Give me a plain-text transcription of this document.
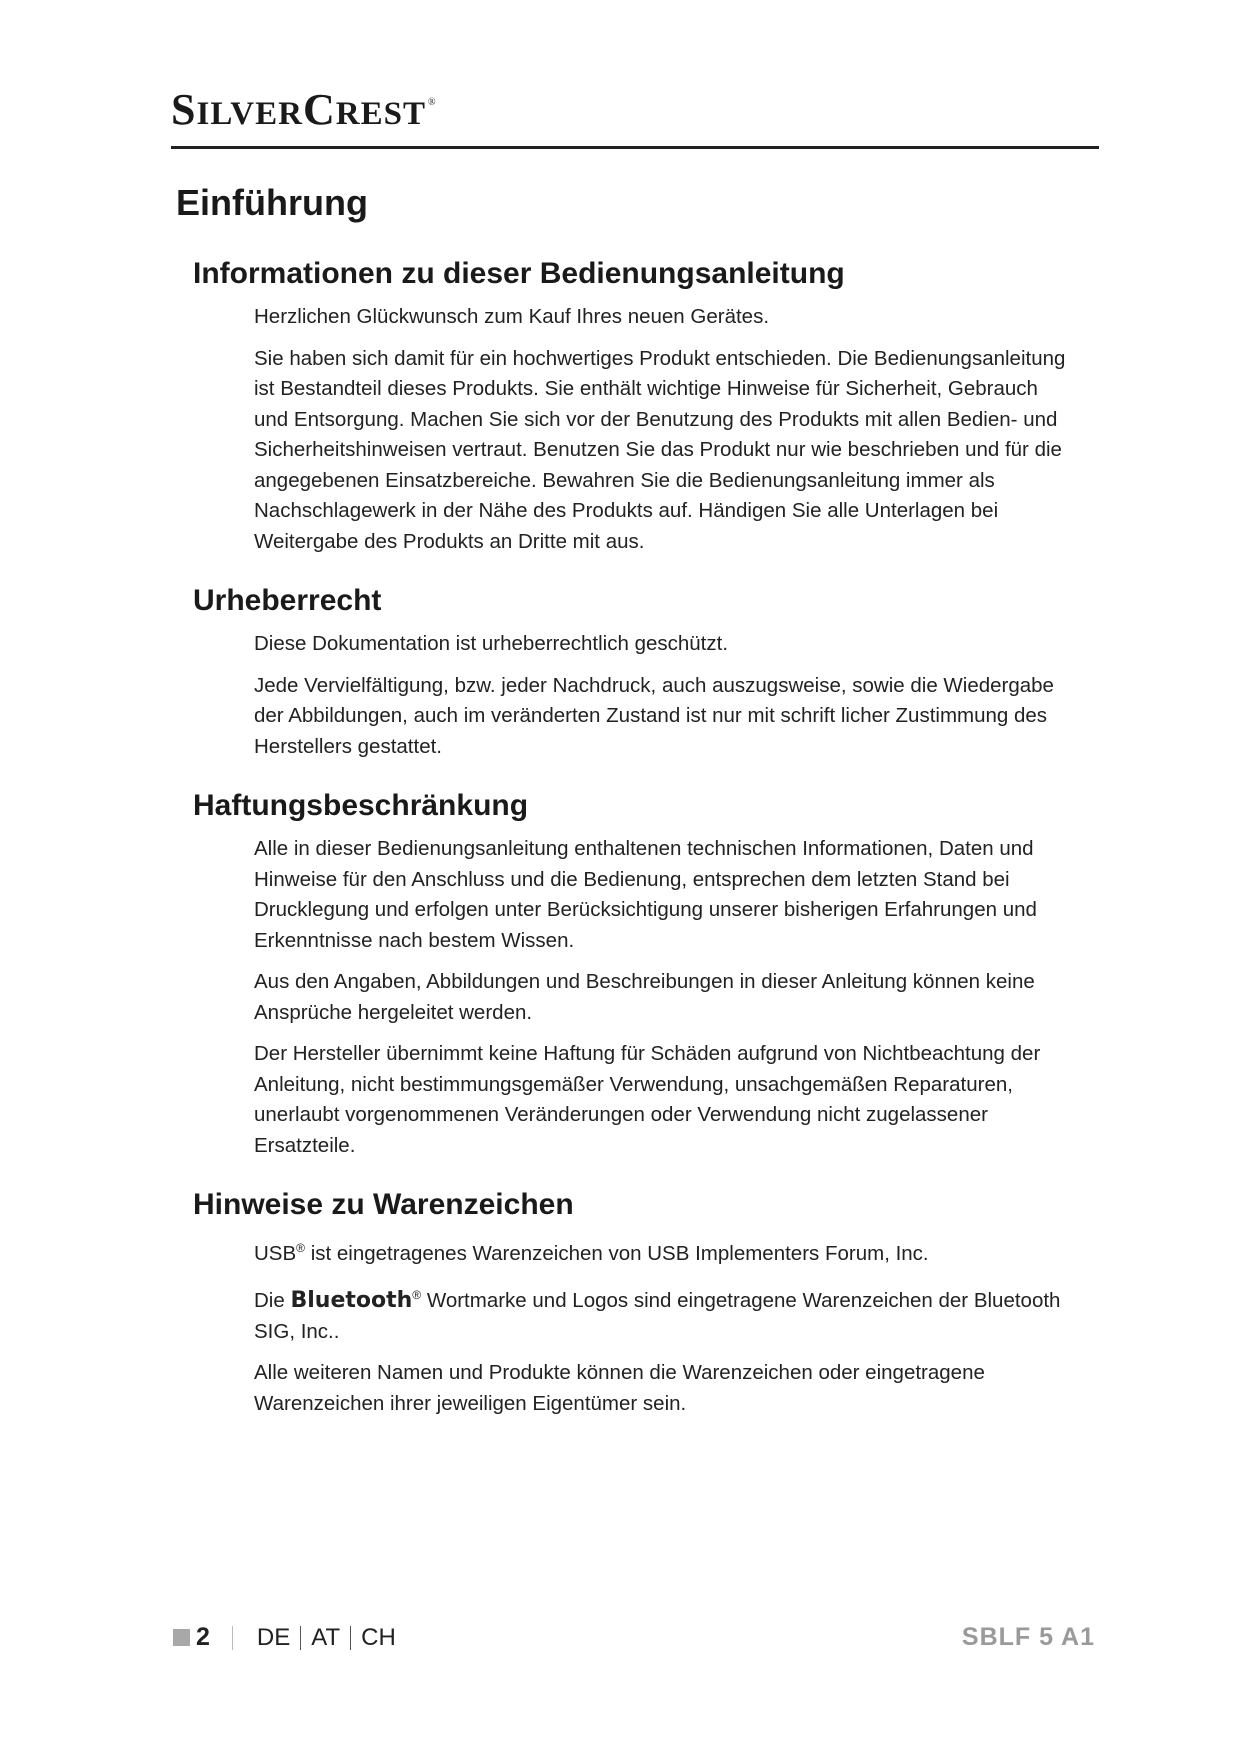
SILVERCREST ®
Einführung
Informationen zu dieser Bedienungsanleitung

Herzlichen Glückwunsch zum Kauf Ihres neuen Gerätes.

Sie haben sich damit für ein hochwertiges Produkt entschieden. Die Bedienungsanleitung ist Bestandteil dieses Produkts. Sie enthält wichtige Hinweise für Sicherheit, Gebrauch und Entsorgung. Machen Sie sich vor der Benutzung des Produkts mit allen Bedien- und Sicherheitshinweisen vertraut. Benutzen Sie das Produkt nur wie beschrieben und für die angegebenen Einsatzbereiche. Bewahren Sie die Bedienungsanleitung immer als Nachschlagewerk in der Nähe des Produkts auf. Händigen Sie alle Unterlagen bei Weitergabe des Produkts an Dritte mit aus.

Urheberrecht

Diese Dokumentation ist urheberrechtlich geschützt.

Jede Vervielfältigung, bzw. jeder Nachdruck, auch auszugsweise, sowie die Wiedergabe der Abbildungen, auch im veränderten Zustand ist nur mit schrift licher Zustimmung des Herstellers gestattet.

Haftungsbeschränkung

Alle in dieser Bedienungsanleitung enthaltenen technischen Informationen, Daten und Hinweise für den Anschluss und die Bedienung, entsprechen dem letzten Stand bei Drucklegung und erfolgen unter Berücksichtigung unserer bisherigen Erfahrungen und Erkenntnisse nach bestem Wissen.

Aus den Angaben, Abbildungen und Beschreibungen in dieser Anleitung können keine Ansprüche hergeleitet werden.

Der Hersteller übernimmt keine Haftung für Schäden aufgrund von Nichtbeachtung der Anleitung, nicht bestimmungsgemäßer Verwendung, unsachgemäßen Reparaturen, unerlaubt vorgenommenen Veränderungen oder Verwendung nicht zugelassener Ersatzteile.

Hinweise zu Warenzeichen

USB® ist eingetragenes Warenzeichen von USB Implementers Forum, Inc.

Die Bluetooth® Wortmarke und Logos sind eingetragene Warenzeichen der Bluetooth SIG, Inc..

Alle weiteren Namen und Produkte können die Warenzeichen oder eingetragene Warenzeichen ihrer jeweiligen Eigentümer sein.

2 DE AT CH	SBLF 5 A1
